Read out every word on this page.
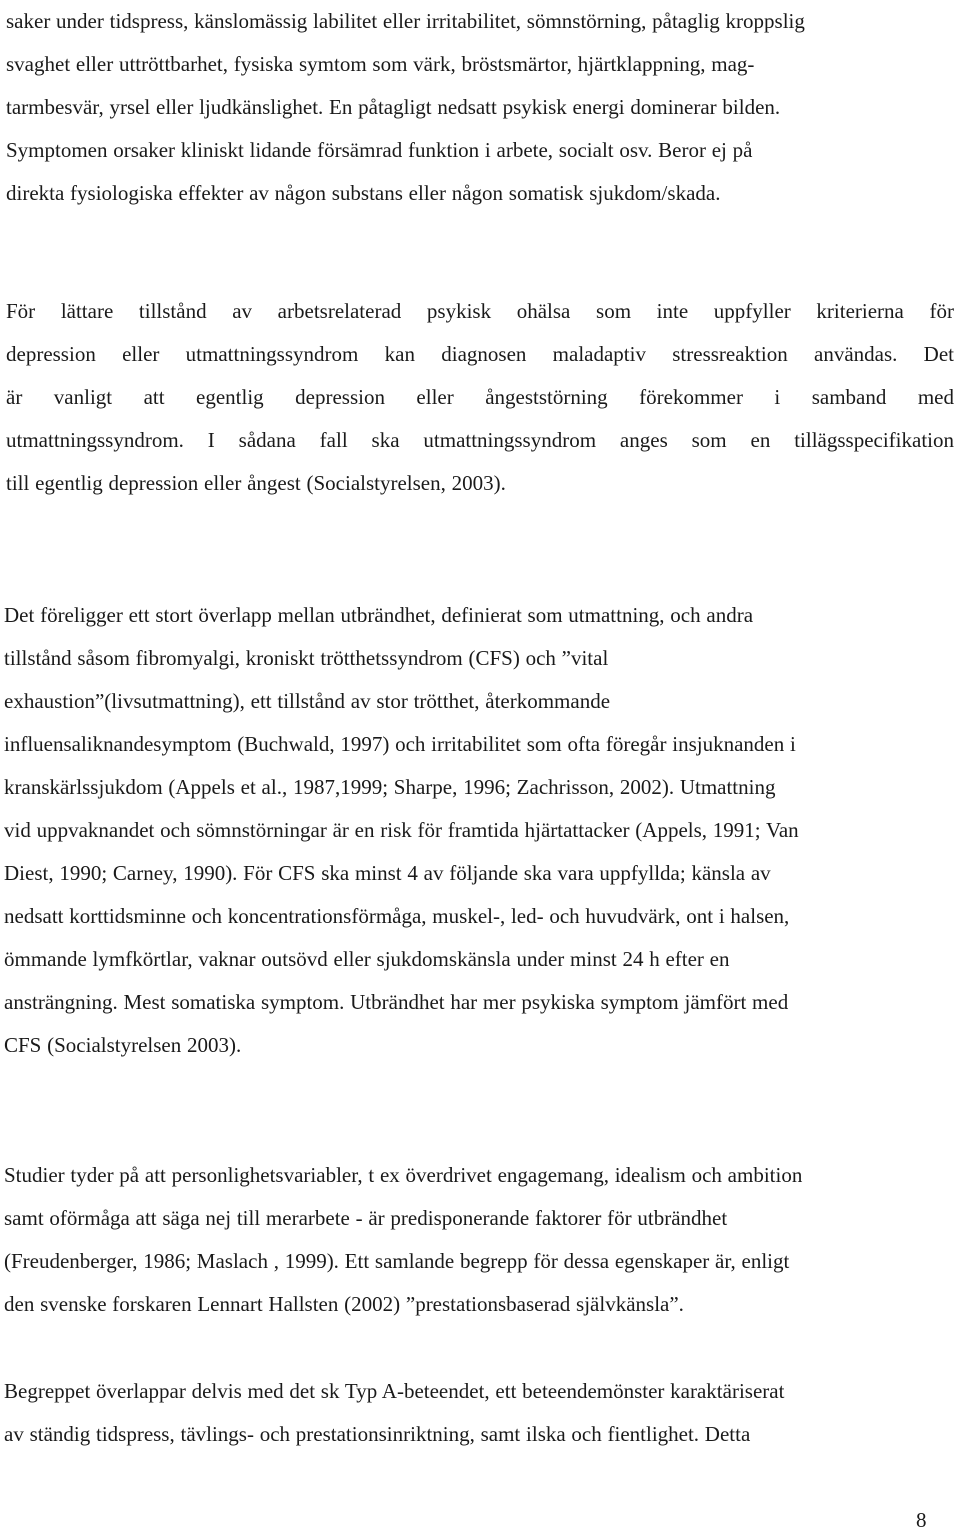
saker under tidspress, känslomässig labilitet eller irritabilitet, sömnstörning, påtaglig kroppslig
svaghet eller uttröttbarhet, fysiska symtom som värk, bröstsmärtor, hjärtklappning, mag-
tarmbesvär, yrsel eller ljudkänslighet. En påtagligt nedsatt psykisk energi dominerar bilden.
Symptomen orsaker kliniskt lidande försämrad funktion i arbete, socialt osv. Beror ej på
direkta fysiologiska effekter av någon substans eller någon somatisk sjukdom/skada.
För lättare tillstånd av arbetsrelaterad psykisk ohälsa som inte uppfyller kriterierna för
depression eller utmattningssyndrom kan diagnosen maladaptiv stressreaktion användas. Det
är vanligt att egentlig depression eller ångeststörning förekommer i samband med
utmattningssyndrom. I sådana fall ska utmattningssyndrom anges som en tillägsspecifikation
till egentlig depression eller ångest (Socialstyrelsen, 2003).
Det föreligger ett stort överlapp mellan utbrändhet, definierat som utmattning, och andra
tillstånd såsom fibromyalgi, kroniskt trötthetssyndrom (CFS) och ”vital
exhaustion”(livsutmattning), ett tillstånd av stor trötthet, återkommande
influensaliknandesymptom (Buchwald, 1997) och irritabilitet som ofta föregår insjuknanden i
kranskärlssjukdom (Appels et al., 1987,1999; Sharpe, 1996; Zachrisson, 2002). Utmattning
vid uppvaknandet och sömnstörningar är en risk för framtida hjärtattacker (Appels, 1991; Van
Diest, 1990; Carney, 1990). För CFS ska minst 4 av följande ska vara uppfyllda; känsla av
nedsatt korttidsminne och koncentrationsförmåga, muskel-, led- och huvudvärk, ont i halsen,
ömmande lymfkörtlar, vaknar outsövd eller sjukdomskänsla under minst 24 h efter en
ansträngning. Mest somatiska symptom. Utbrändhet har mer psykiska symptom jämfört med
CFS (Socialstyrelsen 2003).
Studier tyder på att personlighetsvariabler, t ex överdrivet engagemang, idealism och ambition
samt oförmåga att säga nej till merarbete - är predisponerande faktorer för utbrändhet
(Freudenberger, 1986; Maslach , 1999). Ett samlande begrepp för dessa egenskaper är, enligt
den svenske forskaren Lennart Hallsten (2002) ”prestationsbaserad självkänsla”.
Begreppet överlappar delvis med det sk Typ A-beteendet, ett beteendemönster karaktäriserat
av ständig tidspress, tävlings- och prestationsinriktning, samt ilska och fientlighet. Detta

8
